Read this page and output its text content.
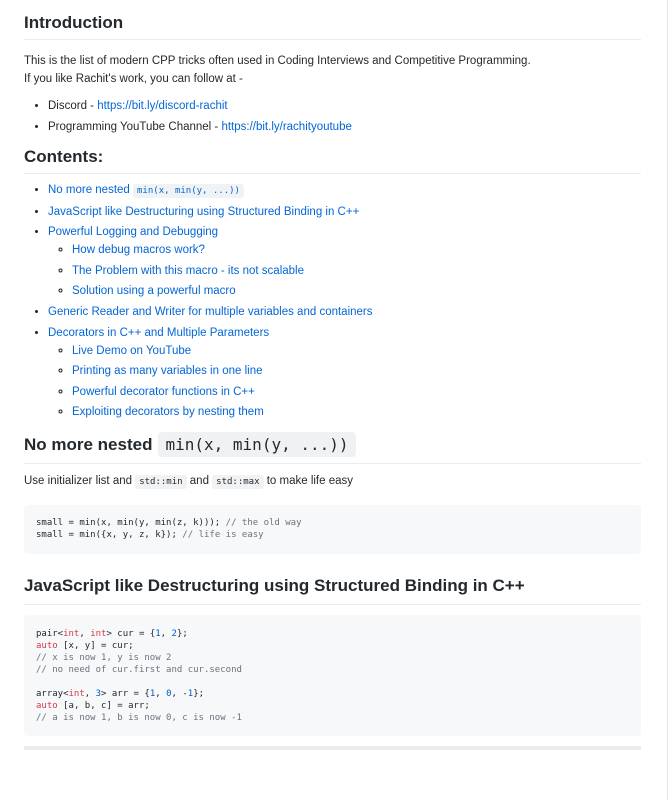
Introduction

This is the list of modern CPP tricks often used in Coding Interviews and Competitive Programming.
If you like Rachit's work, you can follow at -

• Discord - https://bit.ly/discord-rachit
• Programming YouTube Channel - https://bit.ly/rachityoutube
Contents:
• No more nested min(x, min(y, ...))
• JavaScript like Destructuring using Structured Binding in C++
• Powerful Logging and Debugging
◦ How debug macros work?
◦ The Problem with this macro - its not scalable
◦ Solution using a powerful macro
• Generic Reader and Writer for multiple variables and containers
• Decorators in C++ and Multiple Parameters
◦ Live Demo on YouTube
◦ Printing as many variables in one line
◦ Powerful decorator functions in C++
◦ Exploiting decorators by nesting them
No more nested min(x, min(y, ...))

Use initializer list and std::min and std::max to make life easy

small = min(x, min(y, min(z, k))); // the old way
small = min({x, y, z, k}); // life is easy
JavaScript like Destructuring using Structured Binding in C++
pair<int, int> cur = {1, 2};
auto [x, y] = cur;
// x is now 1, y is now 2
// no need of cur.first and cur.second

array<int, 3> arr = {1, 0, -1};
auto [a, b, c] = arr;
// a is now 1, b is now 0, c is now -1
